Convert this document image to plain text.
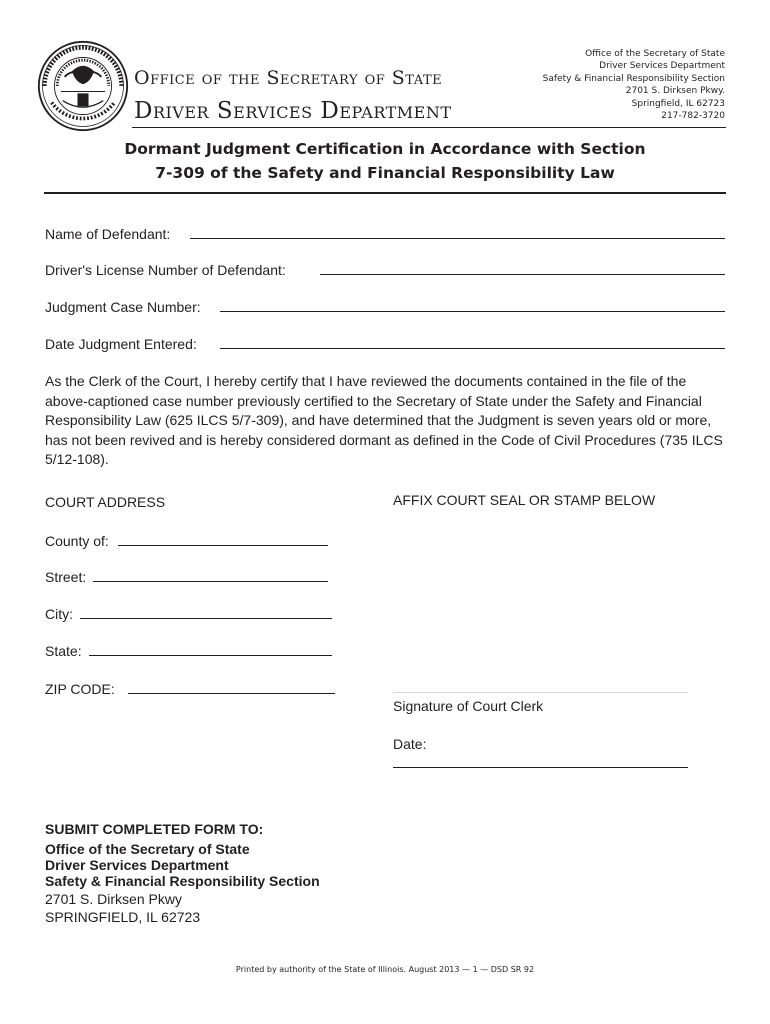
Office of the Secretary of State
Driver Services Department
Office of the Secretary of State
Driver Services Department
Safety & Financial Responsibility Section
2701 S. Dirksen Pkwy.
Springfield, IL 62723
217-782-3720
Dormant Judgment Certification in Accordance with Section
7-309 of the Safety and Financial Responsibility Law
Name of Defendant:
Driver's License Number of Defendant:
Judgment Case Number:
Date Judgment Entered:
As the Clerk of the Court, I hereby certify that I have reviewed the documents contained in the file of the above-captioned case number previously certified to the Secretary of State under the Safety and Financial Responsibility Law (625 ILCS 5/7-309), and have determined that the Judgment is seven years old or more, has not been revived and is hereby considered dormant as defined in the Code of Civil Procedures (735 ILCS 5/12-108).
COURT ADDRESS	AFFIX COURT SEAL OR STAMP BELOW
County of:
Street:
City:
State:
ZIP CODE:
Signature of Court Clerk
Date:
SUBMIT COMPLETED FORM TO:
Office of the Secretary of State
Driver Services Department
Safety & Financial Responsibility Section
2701 S. Dirksen Pkwy
SPRINGFIELD, IL 62723
Printed by authority of the State of Illinois. August 2013 — 1 — DSD SR 92
